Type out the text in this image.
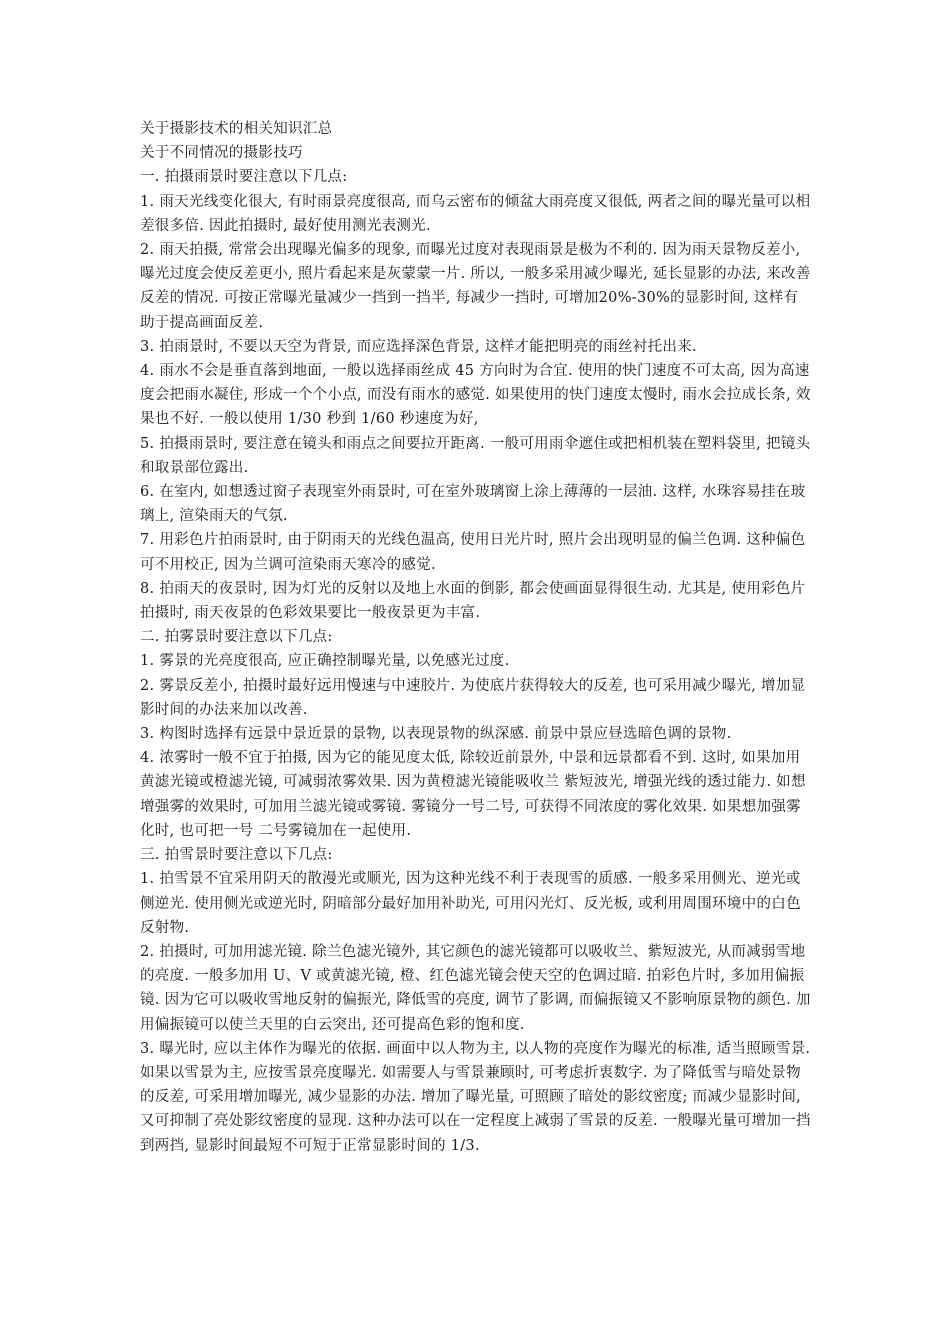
关于摄影技术的相关知识汇总

关于不同情况的摄影技巧

一. 拍摄雨景时要注意以下几点:

1. 雨天光线变化很大, 有时雨景亮度很高, 而乌云密布的倾盆大雨亮度又很低, 两者之间的曝光量可以相差很多倍. 因此拍摄时, 最好使用测光表测光.

2. 雨天拍摄, 常常会出现曝光偏多的现象, 而曝光过度对表现雨景是极为不利的. 因为雨天景物反差小, 曝光过度会使反差更小, 照片看起来是灰蒙蒙一片. 所以, 一般多采用减少曝光, 延长显影的办法, 来改善反差的情况. 可按正常曝光量减少一挡到一挡半, 每减少一挡时, 可增加20%-30%的显影时间, 这样有助于提高画面反差.

3. 拍雨景时, 不要以天空为背景, 而应选择深色背景, 这样才能把明亮的雨丝衬托出来.

4. 雨水不会是垂直落到地面, 一般以选择雨丝成 45 方向时为合宜. 使用的快门速度不可太高, 因为高速度会把雨水凝住, 形成一个个小点, 而没有雨水的感觉. 如果使用的快门速度太慢时, 雨水会拉成长条, 效果也不好. 一般以使用 1/30 秒到 1/60 秒速度为好,

5. 拍摄雨景时, 要注意在镜头和雨点之间要拉开距离. 一般可用雨伞遮住或把相机装在塑料袋里, 把镜头和取景部位露出.

6. 在室内, 如想透过窗子表现室外雨景时, 可在室外玻璃窗上涂上薄薄的一层油. 这样, 水珠容易挂在玻璃上, 渲染雨天的气氛.

7. 用彩色片拍雨景时, 由于阴雨天的光线色温高, 使用日光片时, 照片会出现明显的偏兰色调. 这种偏色可不用校正, 因为兰调可渲染雨天寒冷的感觉.

8. 拍雨天的夜景时, 因为灯光的反射以及地上水面的倒影, 都会使画面显得很生动. 尤其是, 使用彩色片拍摄时, 雨天夜景的色彩效果要比一般夜景更为丰富.

二. 拍雾景时要注意以下几点:

1. 雾景的光亮度很高, 应正确控制曝光量, 以免感光过度.

2. 雾景反差小, 拍摄时最好远用慢速与中速胶片. 为使底片获得较大的反差, 也可采用减少曝光, 增加显影时间的办法来加以改善.

3. 构图时选择有远景中景近景的景物, 以表现景物的纵深感. 前景中景应昼选暗色调的景物.

4. 浓雾时一般不宜于拍摄, 因为它的能见度太低, 除较近前景外, 中景和远景都看不到. 这时, 如果加用黄滤光镜或橙滤光镜, 可减弱浓雾效果. 因为黄橙滤光镜能吸收兰 紫短波光, 增强光线的透过能力. 如想增强雾的效果时, 可加用兰滤光镜或雾镜. 雾镜分一号二号, 可获得不同浓度的雾化效果. 如果想加强雾化时, 也可把一号 二号雾镜加在一起使用.

三. 拍雪景时要注意以下几点:

1. 拍雪景不宜采用阴天的散漫光或顺光, 因为这种光线不利于表现雪的质感. 一般多采用侧光、逆光或侧逆光. 使用侧光或逆光时, 阴暗部分最好加用补助光, 可用闪光灯、反光板, 或利用周围环境中的白色反射物.

2. 拍摄时, 可加用滤光镜. 除兰色滤光镜外, 其它颜色的滤光镜都可以吸收兰、紫短波光, 从而减弱雪地的亮度. 一般多加用 U、V 或黄滤光镜, 橙、红色滤光镜会使天空的色调过暗. 拍彩色片时, 多加用偏振镜. 因为它可以吸收雪地反射的偏振光, 降低雪的亮度, 调节了影调, 而偏振镜又不影响原景物的颜色. 加用偏振镜可以使兰天里的白云突出, 还可提高色彩的饱和度.

3. 曝光时, 应以主体作为曝光的依据. 画面中以人物为主, 以人物的亮度作为曝光的标准, 适当照顾雪景. 如果以雪景为主, 应按雪景亮度曝光. 如需要人与雪景兼顾时, 可考虑折衷数字. 为了降低雪与暗处景物的反差, 可采用增加曝光, 减少显影的办法. 增加了曝光量, 可照顾了暗处的影纹密度; 而减少显影时间, 又可抑制了亮处影纹密度的显现. 这种办法可以在一定程度上减弱了雪景的反差. 一般曝光量可增加一挡到两挡, 显影时间最短不可短于正常显影时间的 1/3.
